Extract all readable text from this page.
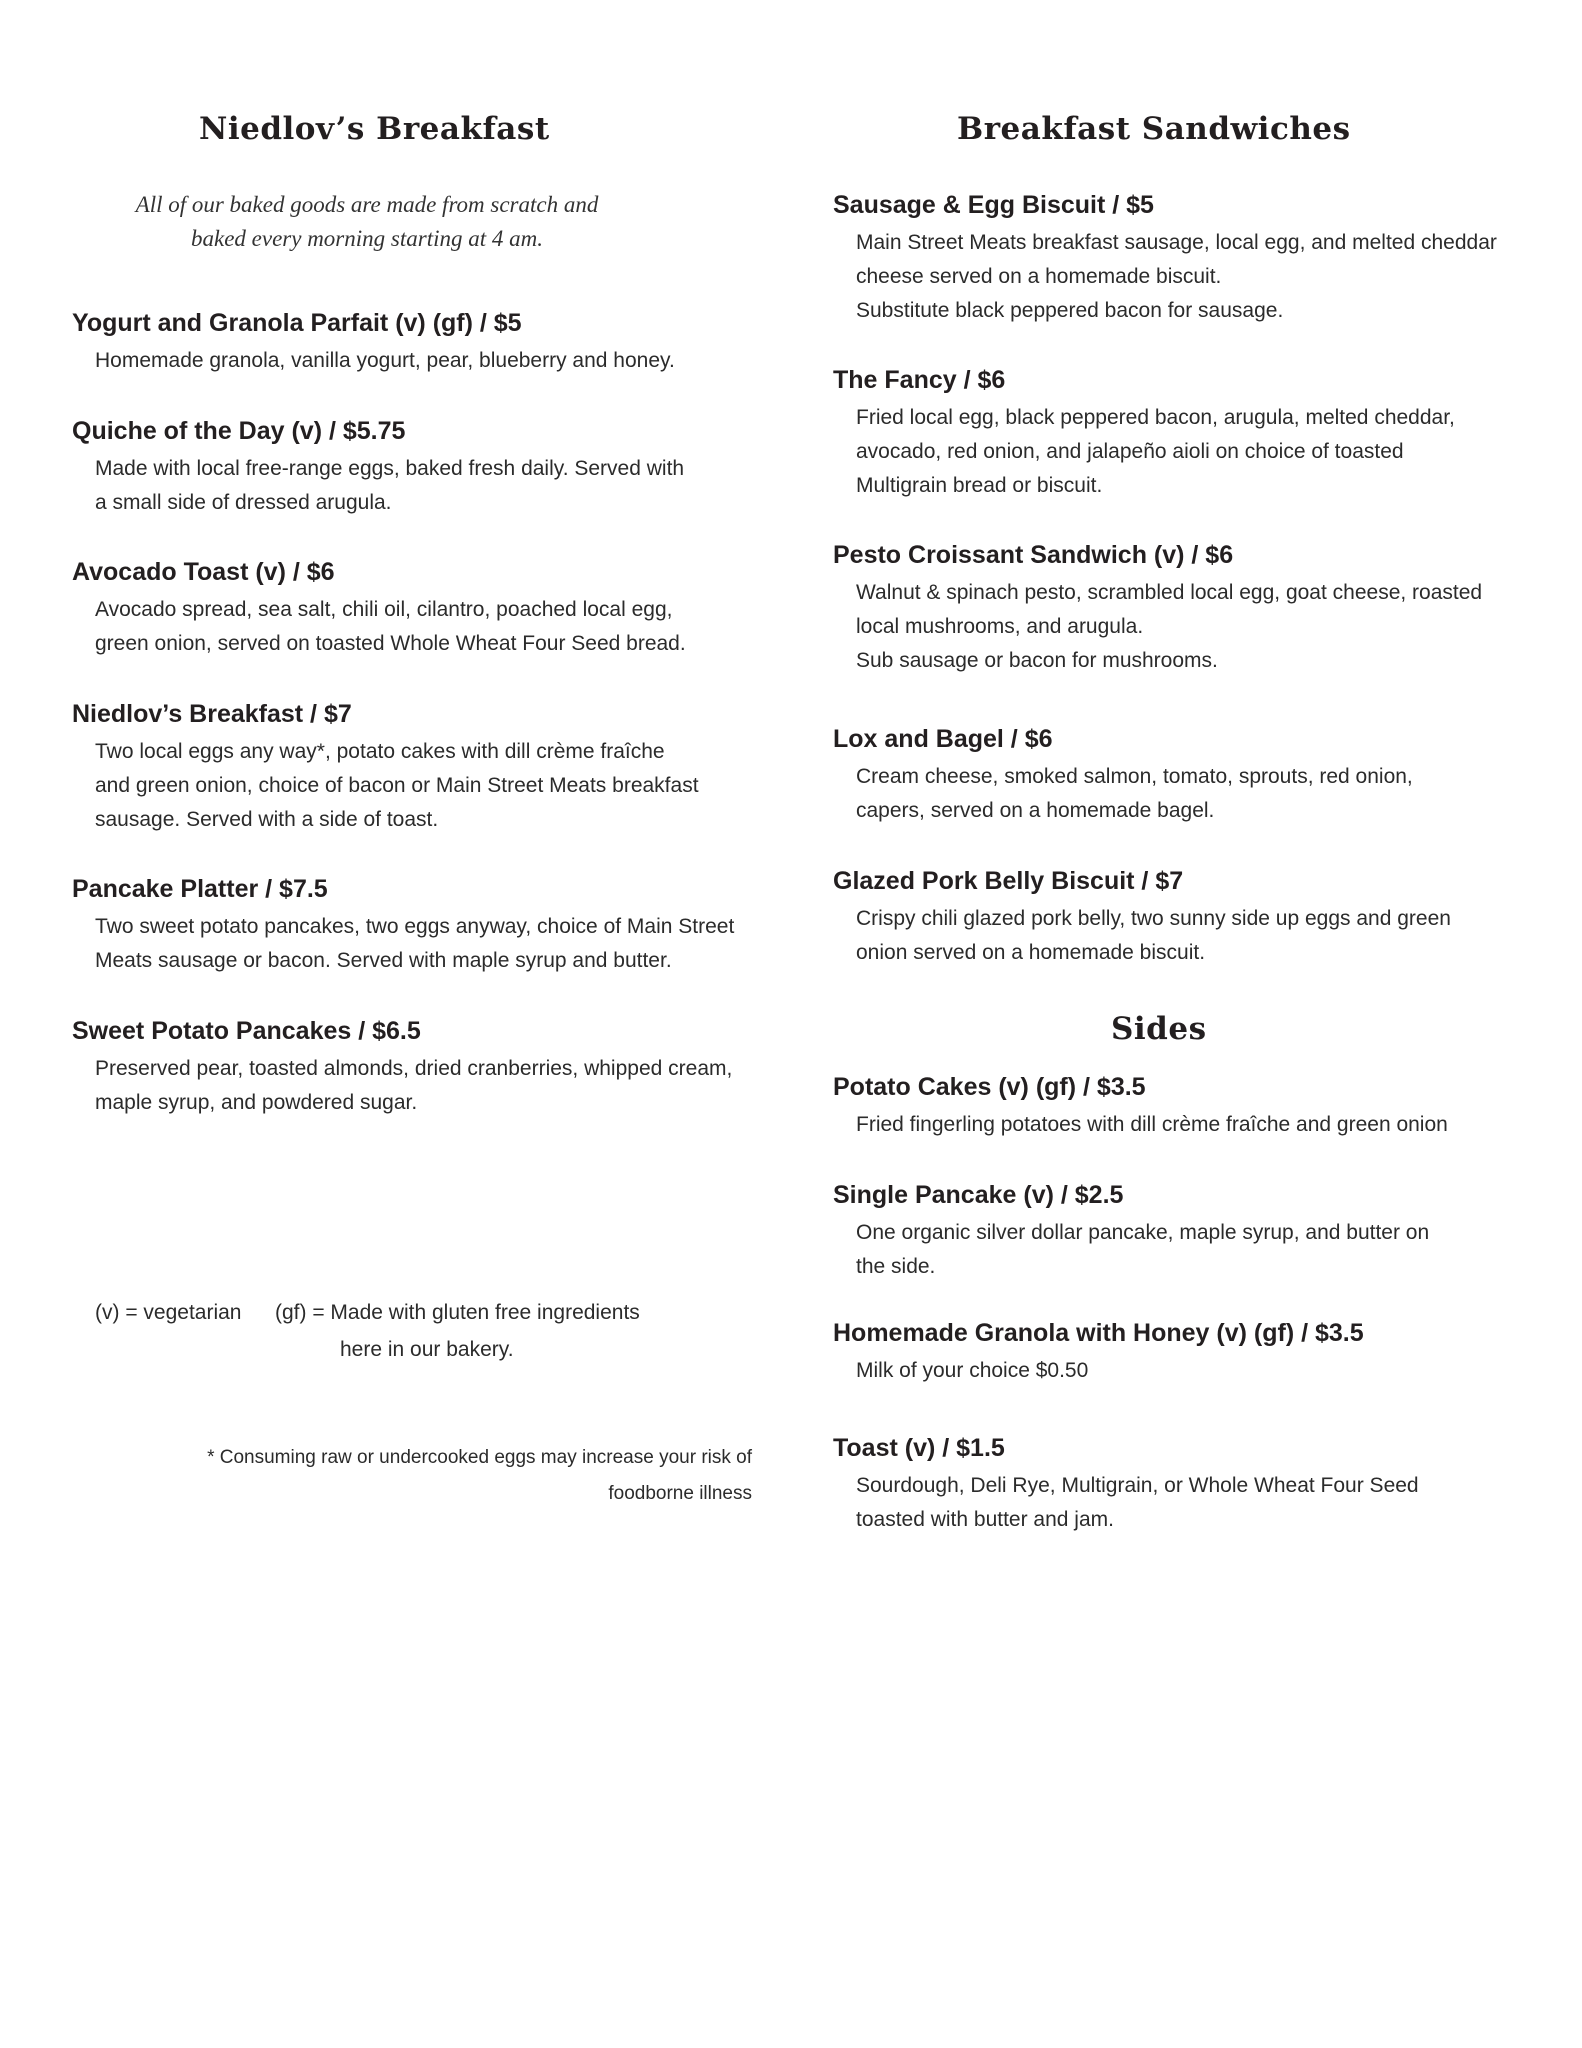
Niedlov’s Breakfast
All of our baked goods are made from scratch and
baked every morning starting at 4 am.
Yogurt and Granola Parfait (v) (gf) / $5
Homemade granola, vanilla yogurt, pear, blueberry and honey.
Quiche of the Day (v) / $5.75
Made with local free-range eggs, baked fresh daily. Served with
a small side of dressed arugula.
Avocado Toast (v) / $6
Avocado spread, sea salt, chili oil, cilantro, poached local egg,
green onion, served on toasted Whole Wheat Four Seed bread.
Niedlov’s Breakfast / $7
Two local eggs any way*, potato cakes with dill crème fraîche
and green onion, choice of bacon or Main Street Meats breakfast
sausage. Served with a side of toast.
Pancake Platter / $7.5
Two sweet potato pancakes, two eggs anyway, choice of Main Street
Meats sausage or bacon. Served with maple syrup and butter.
Sweet Potato Pancakes / $6.5
Preserved pear, toasted almonds, dried cranberries, whipped cream,
maple syrup, and powdered sugar.
(v) = vegetarian (gf) = Made with gluten free ingredients
here in our bakery.
* Consuming raw or undercooked eggs may increase your risk of
foodborne illness
Breakfast Sandwiches
Sausage & Egg Biscuit / $5
Main Street Meats breakfast sausage, local egg, and melted cheddar
cheese served on a homemade biscuit.
Substitute black peppered bacon for sausage.
The Fancy / $6
Fried local egg, black peppered bacon, arugula, melted cheddar,
avocado, red onion, and jalapeño aioli on choice of toasted
Multigrain bread or biscuit.
Pesto Croissant Sandwich (v) / $6
Walnut & spinach pesto, scrambled local egg, goat cheese, roasted
local mushrooms, and arugula.
Sub sausage or bacon for mushrooms.
Lox and Bagel / $6
Cream cheese, smoked salmon, tomato, sprouts, red onion,
capers, served on a homemade bagel.
Glazed Pork Belly Biscuit / $7
Crispy chili glazed pork belly, two sunny side up eggs and green
onion served on a homemade biscuit.
Sides
Potato Cakes (v) (gf) / $3.5
Fried fingerling potatoes with dill crème fraîche and green onion
Single Pancake (v) / $2.5
One organic silver dollar pancake, maple syrup, and butter on
the side.
Homemade Granola with Honey (v) (gf) / $3.5
Milk of your choice $0.50
Toast (v) / $1.5
Sourdough, Deli Rye, Multigrain, or Whole Wheat Four Seed
toasted with butter and jam.
